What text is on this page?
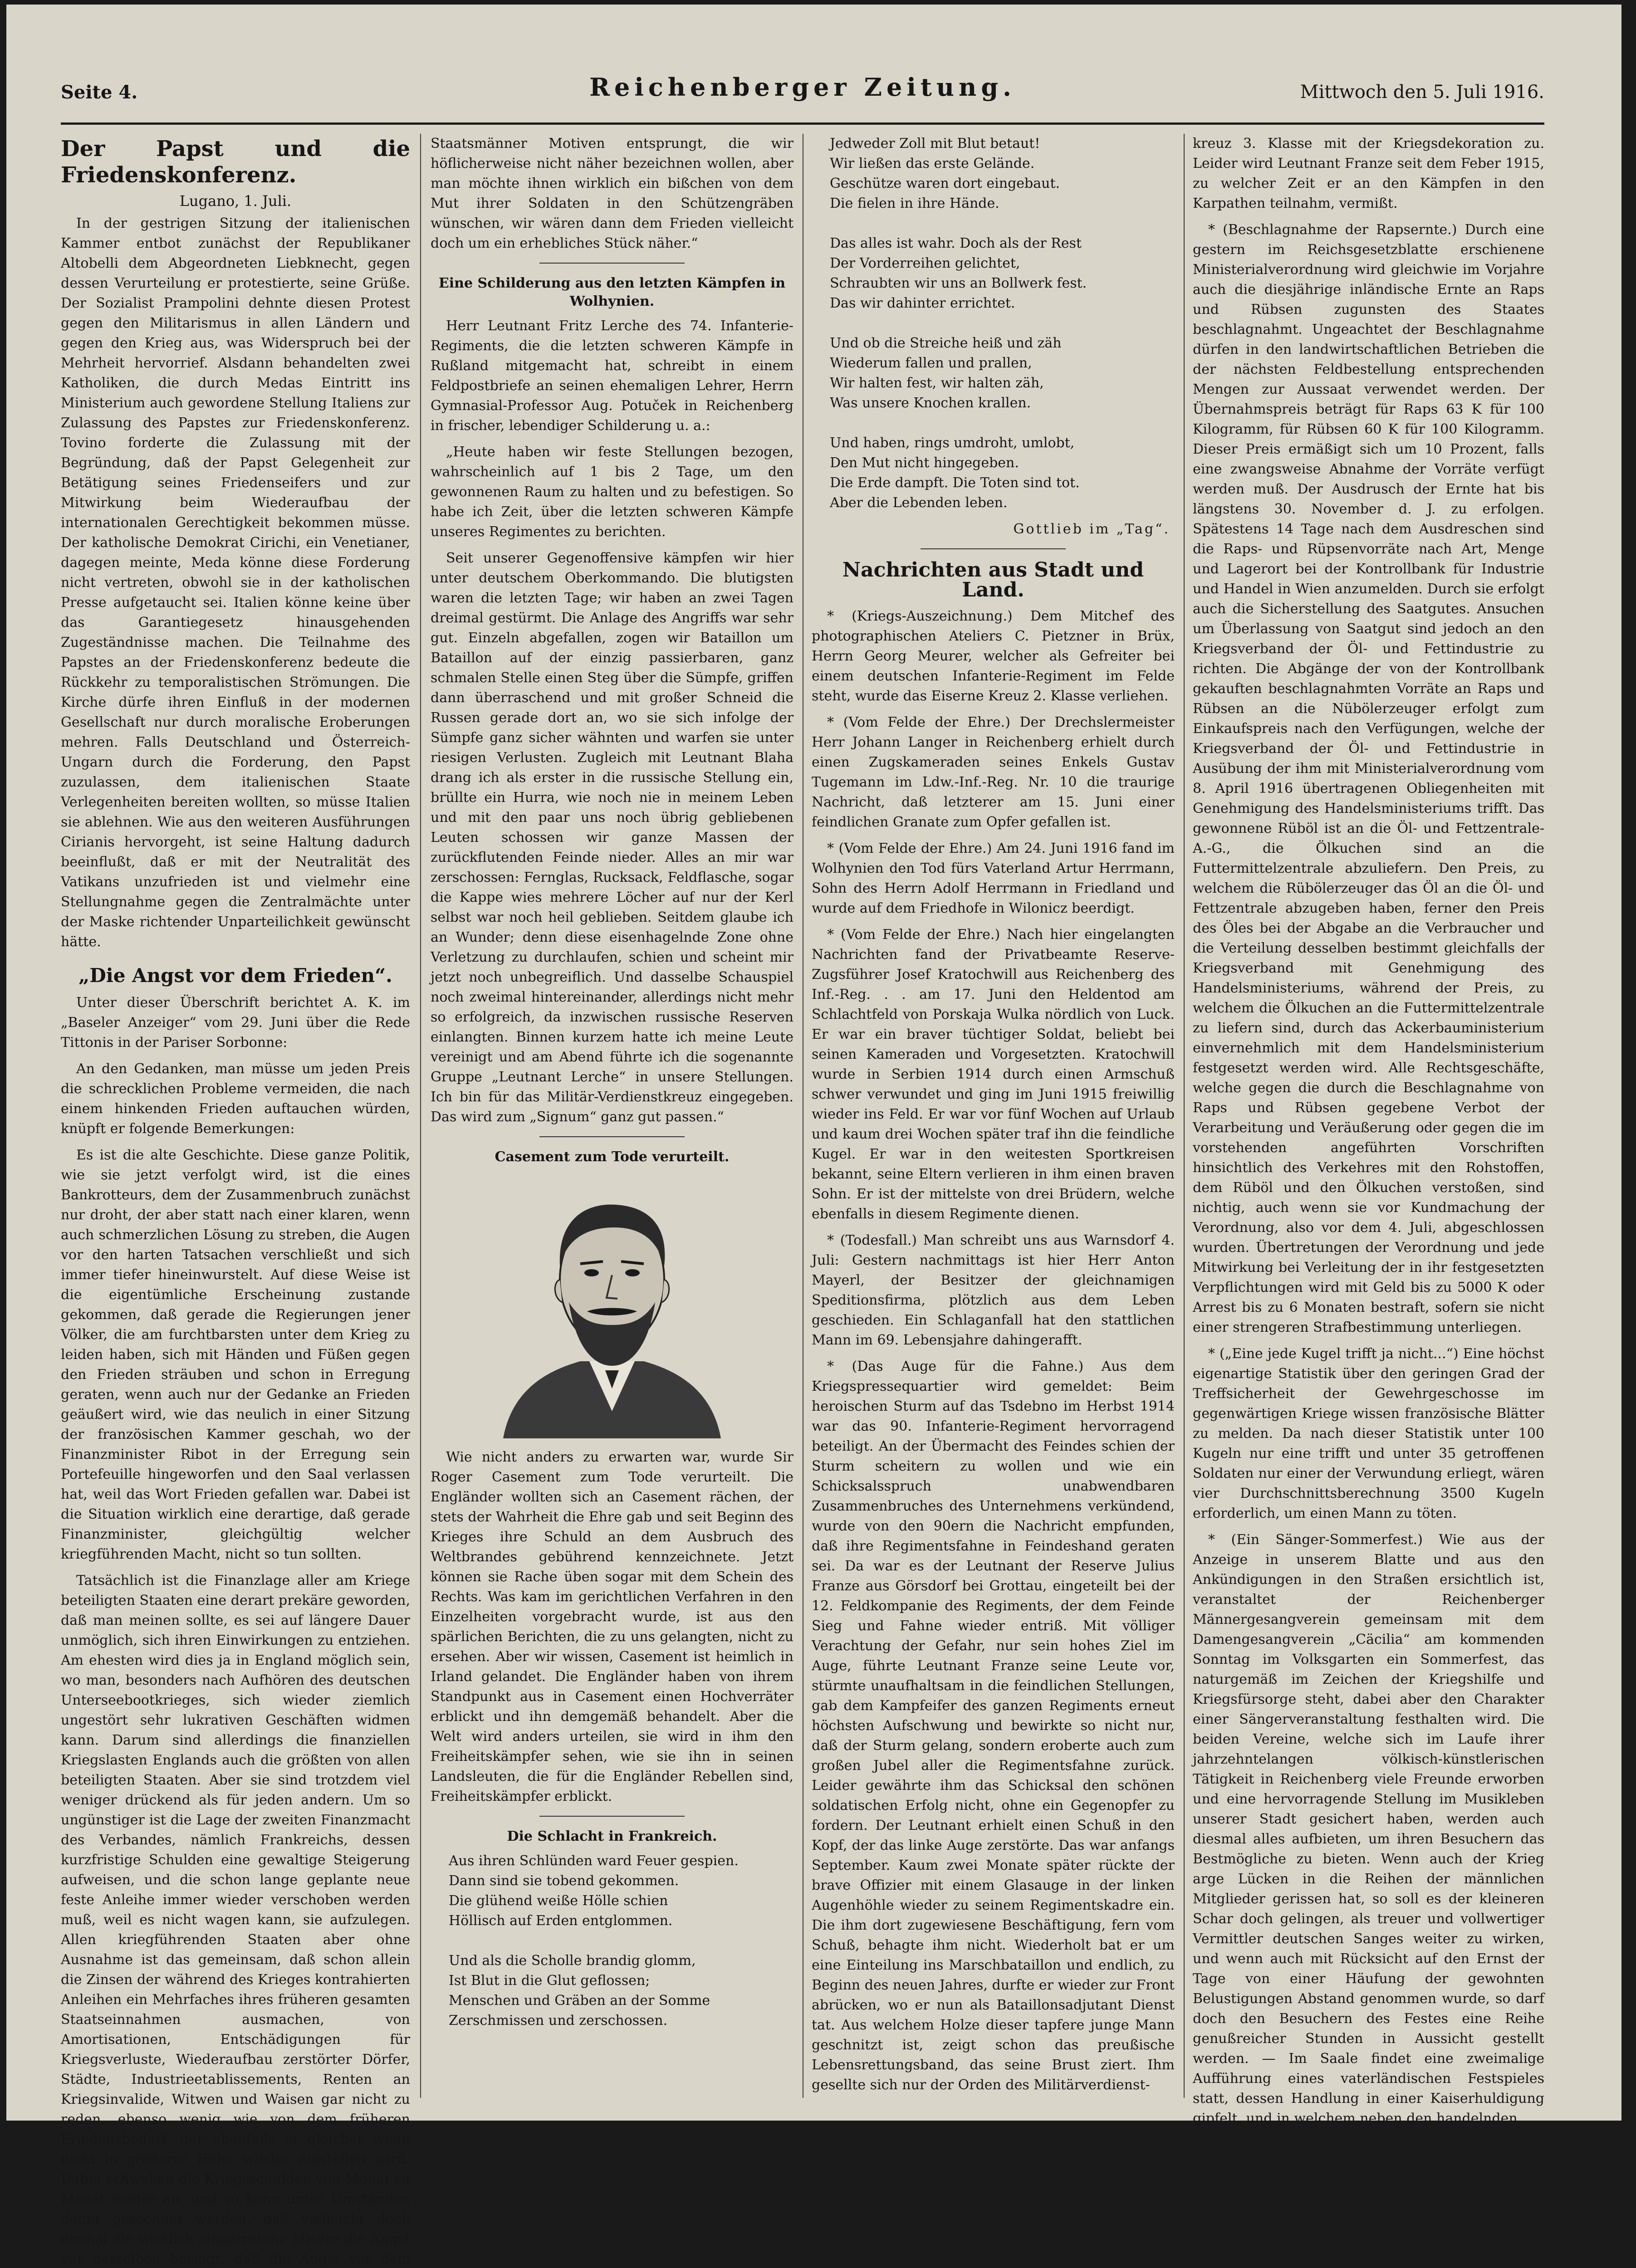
Seite 4.	Reichenberger Zeitung.	Mittwoch den 5. Juli 1916.
Der Papst und die Friedenskonferenz.
Lugano, 1. Juli.

In der gestrigen Sitzung der italienischen Kammer entbot zunächst der Republikaner Altobelli dem Abgeordneten Liebknecht, gegen dessen Verurteilung er protestierte, seine Grüße. Der Sozialist Prampolini dehnte diesen Protest gegen den Militarismus in allen Ländern und gegen den Krieg aus, was Widerspruch bei der Mehrheit hervorrief. Alsdann behandelten zwei Katholiken, die durch Medas Eintritt ins Ministerium auch gewordene Stellung Italiens zur Zulassung des Papstes zur Friedenskonferenz. Tovino forderte die Zulassung mit der Begründung, daß der Papst Gelegenheit zur Betätigung seines Friedenseifers und zur Mitwirkung beim Wiederaufbau der internationalen Gerechtigkeit bekommen müsse. Der katholische Demokrat Cirichi, ein Venetianer, dagegen meinte, Meda könne diese Forderung nicht vertreten, obwohl sie in der katholischen Presse aufgetaucht sei. Italien könne keine über das Garantiegesetz hinausgehenden Zugeständnisse machen. Die Teilnahme des Papstes an der Friedenskonferenz bedeute die Rückkehr zu temporalistischen Strömungen. Die Kirche dürfe ihren Einfluß in der modernen Gesellschaft nur durch moralische Eroberungen mehren. Falls Deutschland und Österreich-Ungarn durch die Forderung, den Papst zuzulassen, dem italienischen Staate Verlegenheiten bereiten wollten, so müsse Italien sie ablehnen. Wie aus den weiteren Ausführungen Cirianis hervorgeht, ist seine Haltung dadurch beeinflußt, daß er mit der Neutralität des Vatikans unzufrieden ist und vielmehr eine Stellungnahme gegen die Zentralmächte unter der Maske richtender Unparteilichkeit gewünscht hätte.

„Die Angst vor dem Frieden“.

Unter dieser Überschrift berichtet A. K. im „Baseler Anzeiger“ vom 29. Juni über die Rede Tittonis in der Pariser Sorbonne:

An den Gedanken, man müsse um jeden Preis die schrecklichen Probleme vermeiden, die nach einem hinkenden Frieden auftauchen würden, knüpft er folgende Bemerkungen:

Es ist die alte Geschichte. Diese ganze Politik, wie sie jetzt verfolgt wird, ist die eines Bankrotteurs, dem der Zusammenbruch zunächst nur droht, der aber statt nach einer klaren, wenn auch schmerzlichen Lösung zu streben, die Augen vor den harten Tatsachen verschließt und sich immer tiefer hineinwurstelt. Auf diese Weise ist die eigentümliche Erscheinung zustande gekommen, daß gerade die Regierungen jener Völker, die am furchtbarsten unter dem Krieg zu leiden haben, sich mit Händen und Füßen gegen den Frieden sträuben und schon in Erregung geraten, wenn auch nur der Gedanke an Frieden geäußert wird, wie das neulich in einer Sitzung der französischen Kammer geschah, wo der Finanzminister Ribot in der Erregung sein Portefeuille hingeworfen und den Saal verlassen hat, weil das Wort Frieden gefallen war. Dabei ist die Situation wirklich eine derartige, daß gerade Finanzminister, gleichgültig welcher kriegführenden Macht, nicht so tun sollten.

Tatsächlich ist die Finanzlage aller am Kriege beteiligten Staaten eine derart prekäre geworden, daß man meinen sollte, es sei auf längere Dauer unmöglich, sich ihren Einwirkungen zu entziehen. Am ehesten wird dies ja in England möglich sein, wo man, besonders nach Aufhören des deutschen Unterseebootkrieges, sich wieder ziemlich ungestört sehr lukrativen Geschäften widmen kann. Darum sind allerdings die finanziellen Kriegslasten Englands auch die größten von allen beteiligten Staaten. Aber sie sind trotzdem viel weniger drückend als für jeden andern. Um so ungünstiger ist die Lage der zweiten Finanzmacht des Verbandes, nämlich Frankreichs, dessen kurzfristige Schulden eine gewaltige Steigerung aufweisen, und die schon lange geplante neue feste Anleihe immer wieder verschoben werden muß, weil es nicht wagen kann, sie aufzulegen. Allen kriegführenden Staaten aber ohne Ausnahme ist das gemeinsam, daß schon allein die Zinsen der während des Krieges kontrahierten Anleihen ein Mehrfaches ihres früheren gesamten Staatseinnahmen ausmachen, von Amortisationen, Entschädigungen für Kriegsverluste, Wiederaufbau zerstörter Dörfer, Städte, Industrieetablissements, Renten an Kriegsinvalide, Witwen und Waisen gar nicht zu reden, ebenso wenig wie von dem früheren Friedensbedarf, der ebenfalls in gleicher wenn nicht in größerer Höhe wieder einstellen wird. Dabei schwellen die Kriegsschulden von Monat zu Monat weiter an, und so kann unter Umständen damit gerechnet werden, daß vielleicht doch einmal die wirklich eingetretene Misere die Angst vor derselben besiegt, daß die Angst vor dem

Staatsmänner Motiven entsprungt, die wir höflicherweise nicht näher bezeichnen wollen, aber man möchte ihnen wirklich ein bißchen von dem Mut ihrer Soldaten in den Schützengräben wünschen, wir wären dann dem Frieden vielleicht doch um ein erhebliches Stück näher.“

Eine Schilderung aus den letzten Kämpfen in Wolhynien.

Herr Leutnant Fritz Lerche des 74. Infanterie-Regiments, die die letzten schweren Kämpfe in Rußland mitgemacht hat, schreibt in einem Feldpostbriefe an seinen ehemaligen Lehrer, Herrn Gymnasial-Professor Aug. Potuček in Reichenberg in frischer, lebendiger Schilderung u. a.:

„Heute haben wir feste Stellungen bezogen, wahrscheinlich auf 1 bis 2 Tage, um den gewonnenen Raum zu halten und zu befestigen. So habe ich Zeit, über die letzten schweren Kämpfe unseres Regimentes zu berichten.

Seit unserer Gegenoffensive kämpfen wir hier unter deutschem Oberkommando. Die blutigsten waren die letzten Tage; wir haben an zwei Tagen dreimal gestürmt. Die Anlage des Angriffs war sehr gut. Einzeln abgefallen, zogen wir Bataillon um Bataillon auf der einzig passierbaren, ganz schmalen Stelle einen Steg über die Sümpfe, griffen dann überraschend und mit großer Schneid die Russen gerade dort an, wo sie sich infolge der Sümpfe ganz sicher wähnten und warfen sie unter riesigen Verlusten. Zugleich mit Leutnant Blaha drang ich als erster in die russische Stellung ein, brüllte ein Hurra, wie noch nie in meinem Leben und mit den paar uns noch übrig gebliebenen Leuten schossen wir ganze Massen der zurückflutenden Feinde nieder. Alles an mir war zerschossen: Fernglas, Rucksack, Feldflasche, sogar die Kappe wies mehrere Löcher auf nur der Kerl selbst war noch heil geblieben. Seitdem glaube ich an Wunder; denn diese eisenhagelnde Zone ohne Verletzung zu durchlaufen, schien und scheint mir jetzt noch unbegreiflich. Und dasselbe Schauspiel noch zweimal hintereinander, allerdings nicht mehr so erfolgreich, da inzwischen russische Reserven einlangten. Binnen kurzem hatte ich meine Leute vereinigt und am Abend führte ich die sogenannte Gruppe „Leutnant Lerche“ in unsere Stellungen. Ich bin für das Militär-Verdienstkreuz eingegeben. Das wird zum „Signum“ ganz gut passen.“

Casement zum Tode verurteilt.

Wie nicht anders zu erwarten war, wurde Sir Roger Casement zum Tode verurteilt. Die Engländer wollten sich an Casement rächen, der stets der Wahrheit die Ehre gab und seit Beginn des Krieges ihre Schuld an dem Ausbruch des Weltbrandes gebührend kennzeichnete. Jetzt können sie Rache üben sogar mit dem Schein des Rechts. Was kam im gerichtlichen Verfahren in den Einzelheiten vorgebracht wurde, ist aus den spärlichen Berichten, die zu uns gelangten, nicht zu ersehen. Aber wir wissen, Casement ist heimlich in Irland gelandet. Die Engländer haben von ihrem Standpunkt aus in Casement einen Hochverräter erblickt und ihn demgemäß behandelt. Aber die Welt wird anders urteilen, sie wird in ihm den Freiheitskämpfer sehen, wie sie ihn in seinen Landsleuten, die für die Engländer Rebellen sind, Freiheitskämpfer erblickt.

Die Schlacht in Frankreich.
Aus ihren Schlünden ward Feuer gespien.
Dann sind sie tobend gekommen.
Die glühend weiße Hölle schien
Höllisch auf Erden entglommen.

Und als die Scholle brandig glomm,
Ist Blut in die Glut geflossen;
Menschen und Gräben an der Somme
Zerschmissen und zerschossen.
Jedweder Zoll mit Blut betaut!
Wir ließen das erste Gelände.
Geschütze waren dort eingebaut.
Die fielen in ihre Hände.

Das alles ist wahr. Doch als der Rest
Der Vorderreihen gelichtet,
Schraubten wir uns an Bollwerk fest.
Das wir dahinter errichtet.

Und ob die Streiche heiß und zäh
Wiederum fallen und prallen,
Wir halten fest, wir halten zäh,
Was unsere Knochen krallen.

Und haben, rings umdroht, umlobt,
Den Mut nicht hingegeben.
Die Erde dampft. Die Toten sind tot.
Aber die Lebenden leben.
Gottlieb im „Tag“.
Nachrichten aus Stadt und Land.

* (Kriegs-Auszeichnung.) Dem Mitchef des photographischen Ateliers C. Pietzner in Brüx, Herrn Georg Meurer, welcher als Gefreiter bei einem deutschen Infanterie-Regiment im Felde steht, wurde das Eiserne Kreuz 2. Klasse verliehen.

* (Vom Felde der Ehre.) Der Drechslermeister Herr Johann Langer in Reichenberg erhielt durch einen Zugskameraden seines Enkels Gustav Tugemann im Ldw.-Inf.-Reg. Nr. 10 die traurige Nachricht, daß letzterer am 15. Juni einer feindlichen Granate zum Opfer gefallen ist.

* (Vom Felde der Ehre.) Am 24. Juni 1916 fand im Wolhynien den Tod fürs Vaterland Artur Herrmann, Sohn des Herrn Adolf Herrmann in Friedland und wurde auf dem Friedhofe in Wilonicz beerdigt.

* (Vom Felde der Ehre.) Nach hier eingelangten Nachrichten fand der Privatbeamte Reserve-Zugsführer Josef Kratochwill aus Reichenberg des Inf.-Reg. . . am 17. Juni den Heldentod am Schlachtfeld von Porskaja Wulka nördlich von Luck. Er war ein braver tüchtiger Soldat, beliebt bei seinen Kameraden und Vorgesetzten. Kratochwill wurde in Serbien 1914 durch einen Armschuß schwer verwundet und ging im Juni 1915 freiwillig wieder ins Feld. Er war vor fünf Wochen auf Urlaub und kaum drei Wochen später traf ihn die feindliche Kugel. Er war in den weitesten Sportkreisen bekannt, seine Eltern verlieren in ihm einen braven Sohn. Er ist der mittelste von drei Brüdern, welche ebenfalls in diesem Regimente dienen.

* (Todesfall.) Man schreibt uns aus Warnsdorf 4. Juli: Gestern nachmittags ist hier Herr Anton Mayerl, der Besitzer der gleichnamigen Speditionsfirma, plötzlich aus dem Leben geschieden. Ein Schlaganfall hat den stattlichen Mann im 69. Lebensjahre dahingerafft.

* (Das Auge für die Fahne.) Aus dem Kriegspressequartier wird gemeldet: Beim heroischen Sturm auf das Tsdebno im Herbst 1914 war das 90. Infanterie-Regiment hervorragend beteiligt. An der Übermacht des Feindes schien der Sturm scheitern zu wollen und wie ein Schicksalsspruch unabwendbaren Zusammenbruches des Unternehmens verkündend, wurde von den 90ern die Nachricht empfunden, daß ihre Regimentsfahne in Feindeshand geraten sei. Da war es der Leutnant der Reserve Julius Franze aus Görsdorf bei Grottau, eingeteilt bei der 12. Feldkompanie des Regiments, der dem Feinde Sieg und Fahne wieder entriß. Mit völliger Verachtung der Gefahr, nur sein hohes Ziel im Auge, führte Leutnant Franze seine Leute vor, stürmte unaufhaltsam in die feindlichen Stellungen, gab dem Kampfeifer des ganzen Regiments erneut höchsten Aufschwung und bewirkte so nicht nur, daß der Sturm gelang, sondern eroberte auch zum großen Jubel aller die Regimentsfahne zurück. Leider gewährte ihm das Schicksal den schönen soldatischen Erfolg nicht, ohne ein Gegenopfer zu fordern. Der Leutnant erhielt einen Schuß in den Kopf, der das linke Auge zerstörte. Das war anfangs September. Kaum zwei Monate später rückte der brave Offizier mit einem Glasauge in der linken Augenhöhle wieder zu seinem Regimentskadre ein. Die ihm dort zugewiesene Beschäftigung, fern vom Schuß, behagte ihm nicht. Wiederholt bat er um eine Einteilung ins Marschbataillon und endlich, zu Beginn des neuen Jahres, durfte er wieder zur Front abrücken, wo er nun als Bataillonsadjutant Dienst tat. Aus welchem Holze dieser tapfere junge Mann geschnitzt ist, zeigt schon das preußische Lebensrettungsband, das seine Brust ziert. Ihm gesellte sich nur der Orden des Militärverdienst-

kreuz 3. Klasse mit der Kriegsdekoration zu. Leider wird Leutnant Franze seit dem Feber 1915, zu welcher Zeit er an den Kämpfen in den Karpathen teilnahm, vermißt.

* (Beschlagnahme der Rapsernte.) Durch eine gestern im Reichsgesetzblatte erschienene Ministerialverordnung wird gleichwie im Vorjahre auch die diesjährige inländische Ernte an Raps und Rübsen zugunsten des Staates beschlagnahmt. Ungeachtet der Beschlagnahme dürfen in den landwirtschaftlichen Betrieben die der nächsten Feldbestellung entsprechenden Mengen zur Aussaat verwendet werden. Der Übernahmspreis beträgt für Raps 63 K für 100 Kilogramm, für Rübsen 60 K für 100 Kilogramm. Dieser Preis ermäßigt sich um 10 Prozent, falls eine zwangsweise Abnahme der Vorräte verfügt werden muß. Der Ausdrusch der Ernte hat bis längstens 30. November d. J. zu erfolgen. Spätestens 14 Tage nach dem Ausdreschen sind die Raps- und Rüpsenvorräte nach Art, Menge und Lagerort bei der Kontrollbank für Industrie und Handel in Wien anzumelden. Durch sie erfolgt auch die Sicherstellung des Saatgutes. Ansuchen um Überlassung von Saatgut sind jedoch an den Kriegsverband der Öl- und Fettindustrie zu richten. Die Abgänge der von der Kontrollbank gekauften beschlagnahmten Vorräte an Raps und Rübsen an die Nübölerzeuger erfolgt zum Einkaufspreis nach den Verfügungen, welche der Kriegsverband der Öl- und Fettindustrie in Ausübung der ihm mit Ministerialverordnung vom 8. April 1916 übertragenen Obliegenheiten mit Genehmigung des Handelsministeriums trifft. Das gewonnene Rüböl ist an die Öl- und Fettzentrale-A.-G., die Ölkuchen sind an die Futtermittelzentrale abzuliefern. Den Preis, zu welchem die Rübölerzeuger das Öl an die Öl- und Fettzentrale abzugeben haben, ferner den Preis des Öles bei der Abgabe an die Verbraucher und die Verteilung desselben bestimmt gleichfalls der Kriegsverband mit Genehmigung des Handelsministeriums, während der Preis, zu welchem die Ölkuchen an die Futtermittelzentrale zu liefern sind, durch das Ackerbauministerium einvernehmlich mit dem Handelsministerium festgesetzt werden wird. Alle Rechtsgeschäfte, welche gegen die durch die Beschlagnahme von Raps und Rübsen gegebene Verbot der Verarbeitung und Veräußerung oder gegen die im vorstehenden angeführten Vorschriften hinsichtlich des Verkehres mit den Rohstoffen, dem Rüböl und den Ölkuchen verstoßen, sind nichtig, auch wenn sie vor Kundmachung der Verordnung, also vor dem 4. Juli, abgeschlossen wurden. Übertretungen der Verordnung und jede Mitwirkung bei Verleitung der in ihr festgesetzten Verpflichtungen wird mit Geld bis zu 5000 K oder Arrest bis zu 6 Monaten bestraft, sofern sie nicht einer strengeren Strafbestimmung unterliegen.

* („Eine jede Kugel trifft ja nicht...“) Eine höchst eigenartige Statistik über den geringen Grad der Treffsicherheit der Gewehrgeschosse im gegenwärtigen Kriege wissen französische Blätter zu melden. Da nach dieser Statistik unter 100 Kugeln nur eine trifft und unter 35 getroffenen Soldaten nur einer der Verwundung erliegt, wären vier Durchschnittsberechnung 3500 Kugeln erforderlich, um einen Mann zu töten.

* (Ein Sänger-Sommerfest.) Wie aus der Anzeige in unserem Blatte und aus den Ankündigungen in den Straßen ersichtlich ist, veranstaltet der Reichenberger Männergesangverein gemeinsam mit dem Damengesangverein „Cäcilia“ am kommenden Sonntag im Volksgarten ein Sommerfest, das naturgemäß im Zeichen der Kriegshilfe und Kriegsfürsorge steht, dabei aber den Charakter einer Sängerveranstaltung festhalten wird. Die beiden Vereine, welche sich im Laufe ihrer jahrzehntelangen völkisch-künstlerischen Tätigkeit in Reichenberg viele Freunde erworben und eine hervorragende Stellung im Musikleben unserer Stadt gesichert haben, werden auch diesmal alles aufbieten, um ihren Besuchern das Bestmögliche zu bieten. Wenn auch der Krieg arge Lücken in die Reihen der männlichen Mitglieder gerissen hat, so soll es der kleineren Schar doch gelingen, als treuer und vollwertiger Vermittler deutschen Sanges weiter zu wirken, und wenn auch mit Rücksicht auf den Ernst der Tage von einer Häufung der gewohnten Belustigungen Abstand genommen wurde, so darf doch den Besuchern des Festes eine Reihe genußreicher Stunden in Aussicht gestellt werden. — Im Saale findet eine zweimalige Aufführung eines vaterländischen Festspieles statt, dessen Handlung in einer Kaiserhuldigung gipfelt, und in welchem neben den handelnden
